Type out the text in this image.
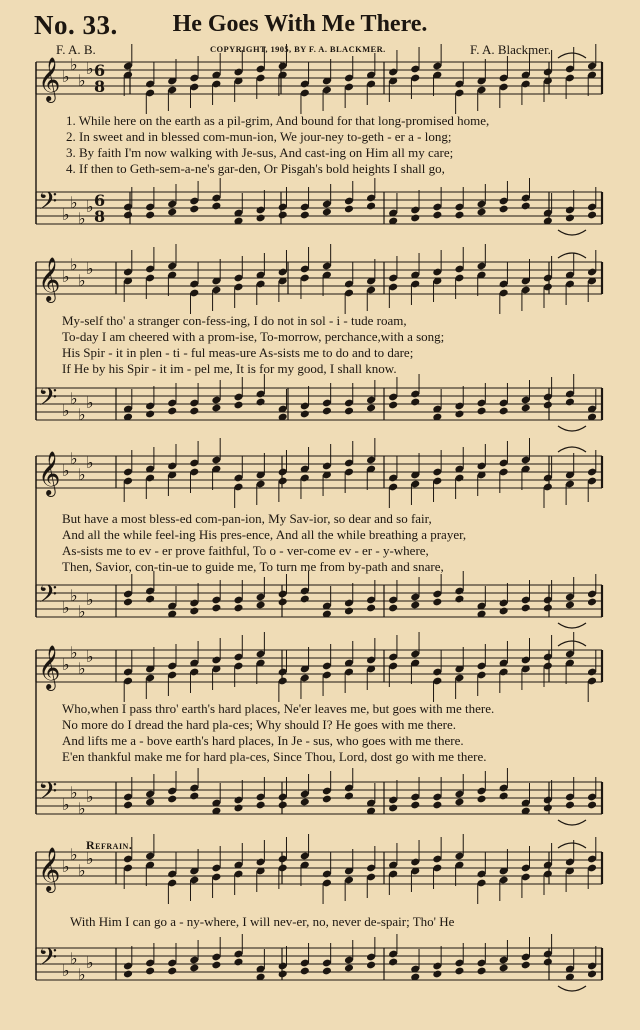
No. 33.	He Goes With Me There.
F. A. B.	COPYRIGHT, 1905, BY F. A. BLACKMER.	F. A. Blackmer.
𝄞 ♭
♭
♭
♭ 6
8
𝄢 ♭
♭
♭
♭ 6
8
𝄞 ♭
♭
♭
♭
𝄢 ♭
♭
♭
♭
𝄞 ♭
♭
♭
♭
𝄢 ♭
♭
♭
♭
𝄞 ♭
♭
♭
♭
𝄢 ♭
♭
♭
♭
𝄞 ♭
♭
♭
♭
𝄢 ♭
♭
♭
♭
1. While here on the earth as a pil-grim, And bound for that long-promised home,
2. In sweet and in blessed com-mun-ion, We jour-ney to-geth - er a - long;
3. By faith I'm now walking with Je-sus, And cast-ing on Him all my care;
4. If then to Geth-sem-a-ne's gar-den, Or Pisgah's bold heights I shall go,
My-self tho' a stranger con-fess-ing, I do not in sol - i - tude roam,
To-day I am cheered with a prom-ise, To-morrow, perchance,with a song;
His Spir - it in plen - ti - ful meas-ure As-sists me to do and to dare;
If He by his Spir - it im - pel me, It is for my good, I shall know.
But have a most bless-ed com-pan-ion, My Sav-ior, so dear and so fair,
And all the while feel-ing His pres-ence, And all the while breathing a prayer,
As-sists me to ev - er prove faithful, To o - ver-come ev - er - y-where,
Then, Savior, con-tin-ue to guide me, To turn me from by-path and snare,
Who,when I pass thro' earth's hard places, Ne'er leaves me, but goes with me there.
No more do I dread the hard pla-ces; Why should I? He goes with me there.
And lifts me a - bove earth's hard places, In Je - sus, who goes with me there.
E'en thankful make me for hard pla-ces, Since Thou, Lord, dost go with me there.
Refrain.
With Him I can go a - ny-where, I will nev-er, no, never de-spair; Tho' He
